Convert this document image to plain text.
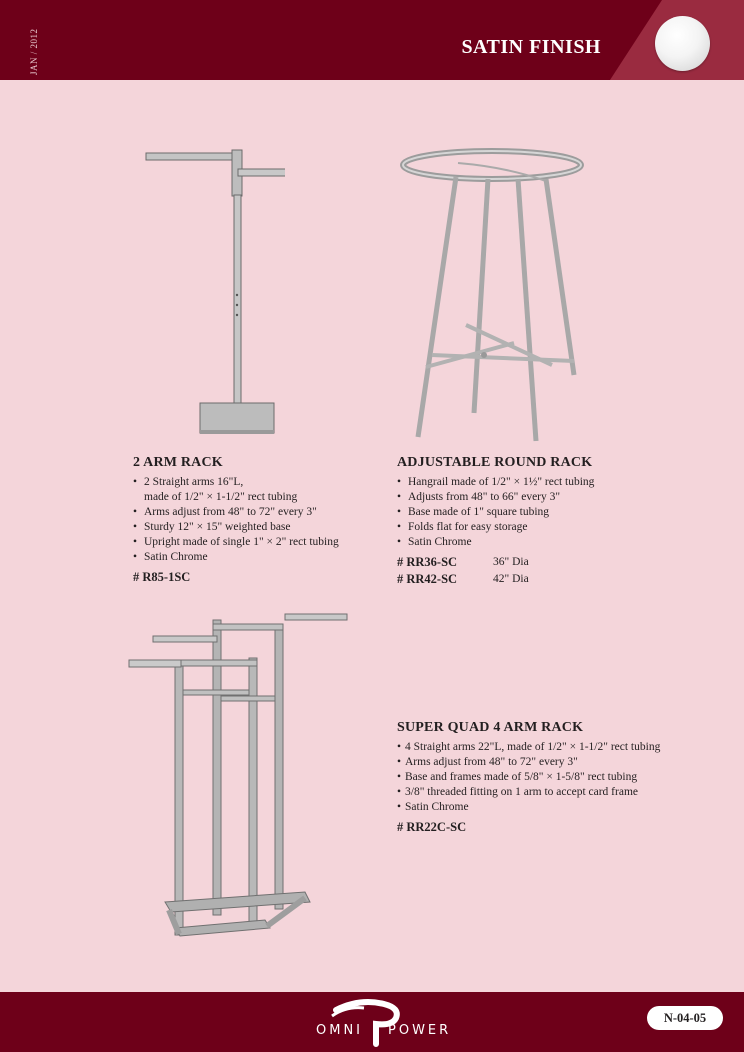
JAN / 2012	SATIN FINISH
2 ARM RACK
• 2 Straight arms 16"L,
made of 1/2" × 1-1/2" rect tubing
• Arms adjust from 48" to 72" every 3"
• Sturdy 12" × 15" weighted base
• Upright made of single 1" × 2" rect tubing
• Satin Chrome
# R85-1SC
ADJUSTABLE ROUND RACK
• Hangrail made of 1/2" × 1½" rect tubing
• Adjusts from 48" to 66" every 3"
• Base made of 1" square tubing
• Folds flat for easy storage
• Satin Chrome
# RR36-SC	36" Dia
# RR42-SC	42" Dia
SUPER QUAD 4 ARM RACK
• 4 Straight arms 22"L, made of 1/2" × 1-1/2" rect tubing
• Arms adjust from 48" to 72" every 3"
• Base and frames made of 5/8" × 1-5/8" rect tubing
• 3/8" threaded fitting on 1 arm to accept card frame
• Satin Chrome
# RR22C-SC
OMNI POWER
N-04-05
